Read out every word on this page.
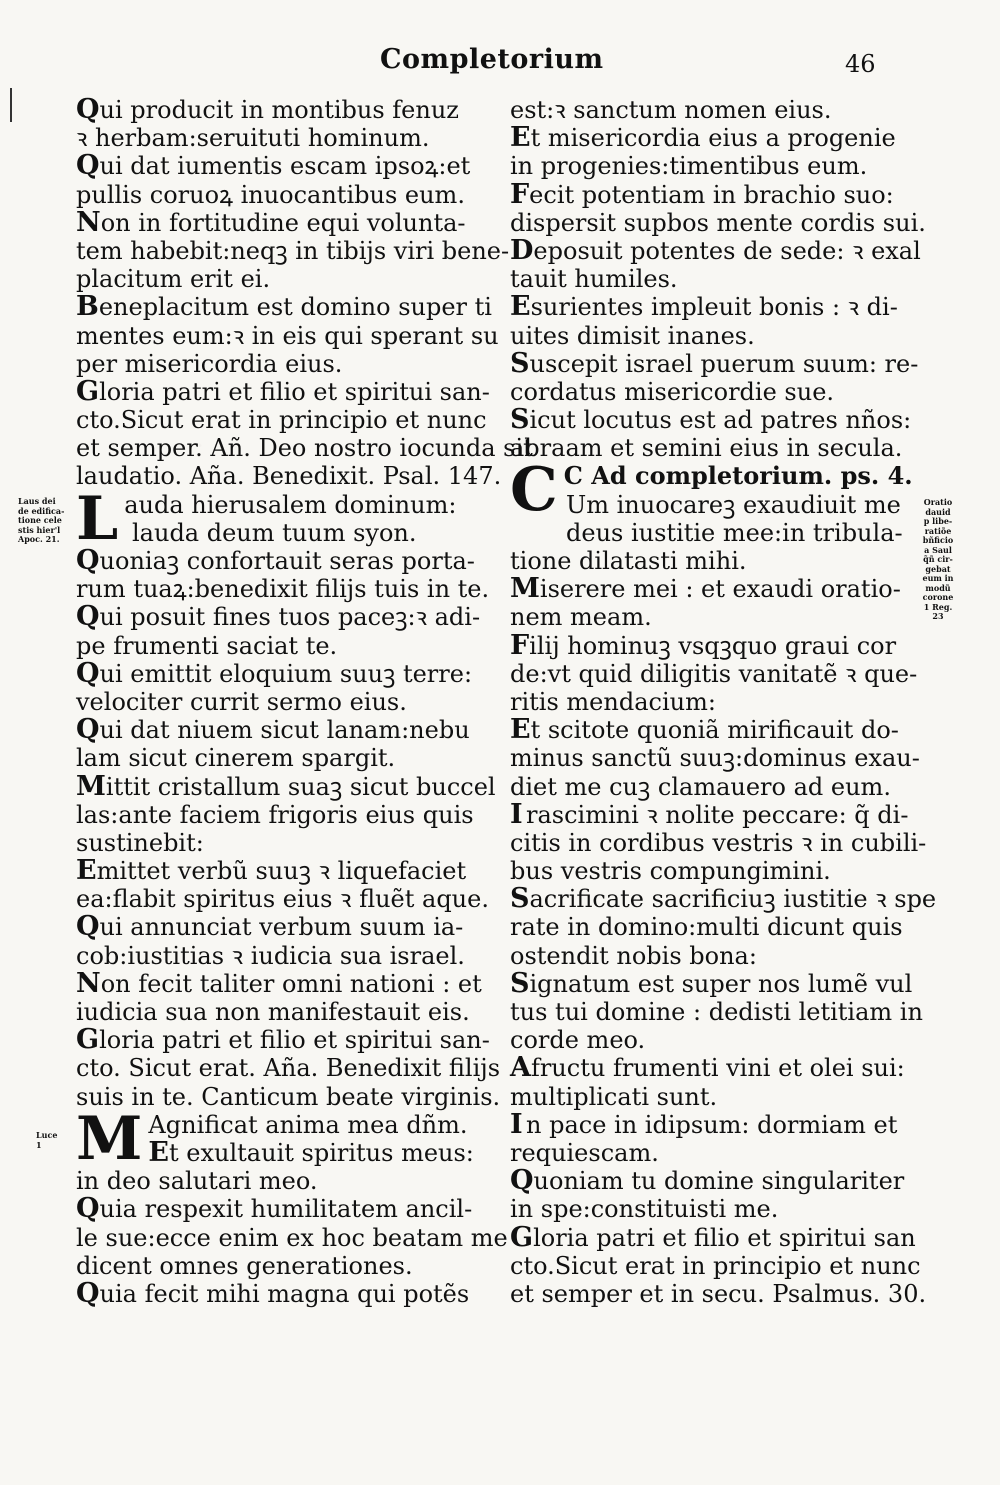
Completorium	46
Qui producit in montibus fenuz
ꝛ herbam:seruituti hominum.
Qui dat iumentis escam ipsoꝝ:et
pullis coruoꝝ inuocantibus eum.
Non in fortitudine equi volunta-
tem habebit:neqꝫ in tibijs viri bene-
placitum erit ei.
Beneplacitum est domino super ti
mentes eum:ꝛ in eis qui sperant su
per misericordia eius.
Gloria patri et filio et spiritui san-
cto.Sicut erat in principio et nunc
et semper. Añ. Deo nostro iocunda sit
laudatio. Añа. Benedixit. Psal. 147.
Lauda hierusalem dominum:
lauda deum tuum syon.
Quoniaꝫ confortauit seras porta-
rum tuaꝝ:benedixit filijs tuis in te.
Qui posuit fines tuos paceꝫ:ꝛ adi-
pe frumenti saciat te.
Qui emittit eloquium suuꝫ terre:
velociter currit sermo eius.
Qui dat niuem sicut lanam:nebu
lam sicut cinerem spargit.
Mittit cristallum suaꝫ sicut buccel
las:ante faciem frigoris eius quis
sustinebit:
Emittet verbũ suuꝫ ꝛ liquefaciet
ea:flabit spiritus eius ꝛ fluẽt aque.
Qui annunciat verbum suum ia-
cob:iustitias ꝛ iudicia sua israel.
Non fecit taliter omni nationi : et
iudicia sua non manifestauit eis.
Gloria patri et filio et spiritui san-
cto. Sicut erat. Añа. Benedixit filijs
suis in te. Canticum beate virginis.
M Agnificat anima mea dñm.
Et exultauit spiritus meus:
in deo salutari meo.
Quia respexit humilitatem ancil-
le sue:ecce enim ex hoc beatam me
dicent omnes generationes.
Quia fecit mihi magna qui potẽs
est:ꝛ sanctum nomen eius.
Et misericordia eius a progenie
in progenies:timentibus eum.
Fecit potentiam in brachio suo:
dispersit supbos mente cordis sui.
Deposuit potentes de sede: ꝛ exal
tauit humiles.
Esurientes impleuit bonis : ꝛ di-
uites dimisit inanes.
Suscepit israel puerum suum: re-
cordatus misericordie sue.
Sicut locutus est ad patres nños:
abraam et semini eius in secula.
C C Ad completorium. ps. 4.
Um inuocareꝫ exaudiuit me
deus iustitie mee:in tribula-
tione dilatasti mihi.
Miserere mei : et exaudi oratio-
nem meam.
Filij hominuꝫ vsqꝫquo graui cor
de:vt quid diligitis vanitatẽ ꝛ que-
ritis mendacium:
Et scitote quoniã mirificauit do-
minus sanctũ suuꝫ:dominus exau-
diet me cuꝫ clamauero ad eum.
I rascimini ꝛ nolite peccare: q̃ di-
citis in cordibus vestris ꝛ in cubili-
bus vestris compungimini.
Sacrificate sacrificiuꝫ iustitie ꝛ spe
rate in domino:multi dicunt quis
ostendit nobis bona:
Signatum est super nos lumẽ vul
tus tui domine : dedisti letitiam in
corde meo.
Afructu frumenti vini et olei sui:
multiplicati sunt.
I n pace in idipsum: dormiam et
requiescam.
Quoniam tu domine singulariter
in spe:constituisti me.
Gloria patri et filio et spiritui san
cto.Sicut erat in principio et nunc
et semper et in secu. Psalmus. 30.
Laus dei
de edifica-
tione cele
stis hier'l
Apoc. 21.
Luce
1
Oratio
dauid
p libe-
ratiõe
bñficio
a Saul
q̃ñ cir-
gebat
eum in
modũ
corone
1 Reg.
23
